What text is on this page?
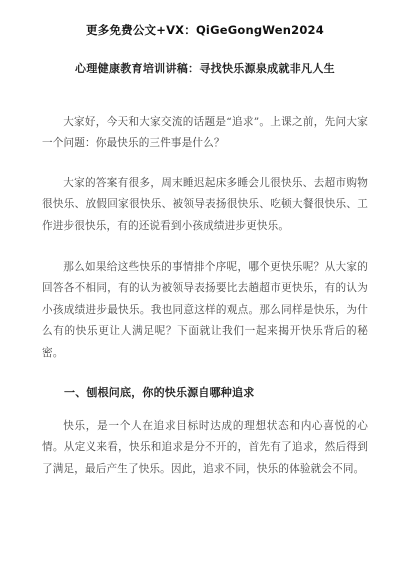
更多免费公文+VX：QiGeGongWen2024
心理健康教育培训讲稿：寻找快乐源泉成就非凡人生

大家好，今天和大家交流的话题是“追求”。上课之前，先问大家一个问题：你最快乐的三件事是什么？

大家的答案有很多，周末睡迟起床多睡会儿很快乐、去超市购物很快乐、放假回家很快乐、被领导表扬很快乐、吃顿大餐很快乐、工作进步很快乐，有的还说看到小孩成绩进步更快乐。

那么如果给这些快乐的事情排个序呢，哪个更快乐呢？从大家的回答各不相同，有的认为被领导表扬要比去趟超市更快乐，有的认为小孩成绩进步最快乐。我也同意这样的观点。那么同样是快乐，为什么有的快乐更让人满足呢？下面就让我们一起来揭开快乐背后的秘密。

一、刨根问底，你的快乐源自哪种追求

快乐，是一个人在追求目标时达成的理想状态和内心喜悦的心情。从定义来看，快乐和追求是分不开的，首先有了追求，然后得到了满足，最后产生了快乐。因此，追求不同，快乐的体验就会不同。
